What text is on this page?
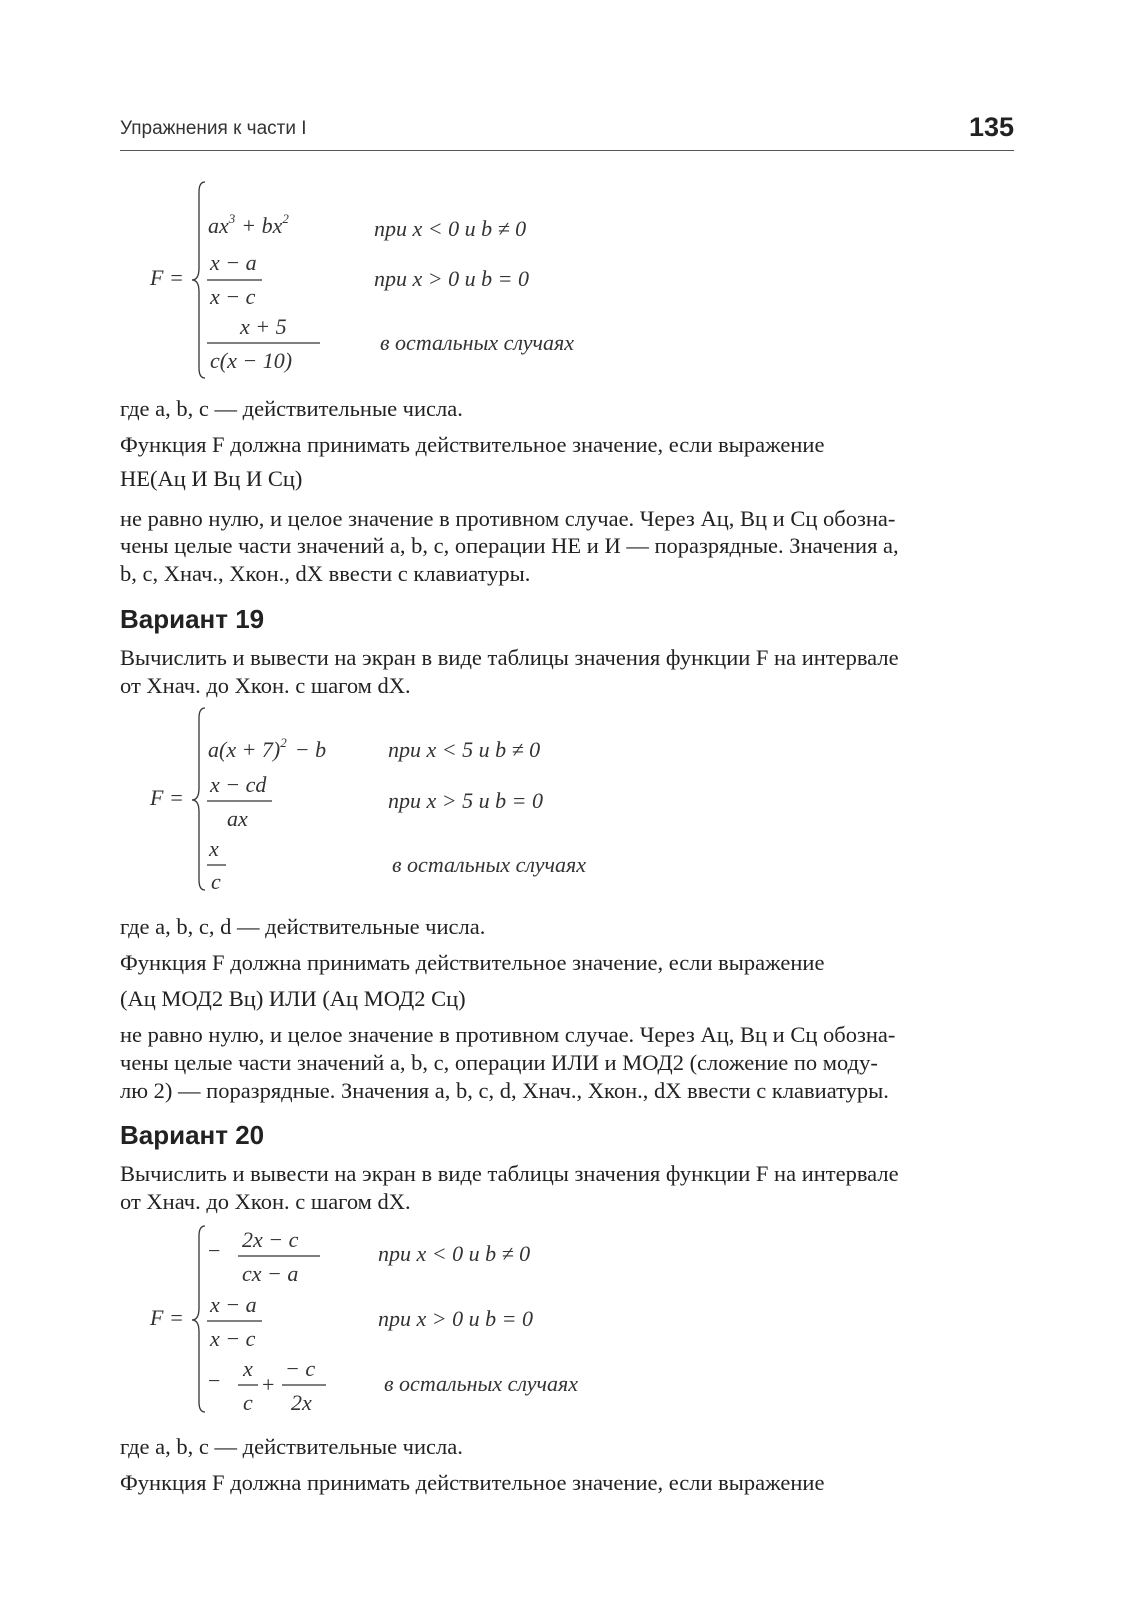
Упражнения к части I	135
F =
$ax^3 + bx^2$	при x < 0 и b ≠ 0
x − a
x − c
при x > 0 и b = 0
x + 5
c(x − 10)
в остальных случаях
F =
$a(x + 7)^2 - b$	при x < 5 и b ≠ 0
x − cd
ax
при x > 5 и b = 0
x
c
в остальных случаях
F =
− 2x − c
cx − a
при x < 0 и b ≠ 0
x − a
x − c
при x > 0 и b = 0
− x
c
+
− c
2x
в остальных случаях

где a, b, c — действительные числа.

Функция F должна принимать действительное значение, если выражение

НЕ(Ац И Вц И Сц)

не равно нулю, и целое значение в противном случае. Через Ац, Вц и Сц обозна-

чены целые части значений a, b, c, операции НЕ и И — поразрядные. Значения a,

b, c, Хнач., Хкон., dX ввести с клавиатуры.

Вариант 19

Вычислить и вывести на экран в виде таблицы значения функции F на интервале

от Хнач. до Хкон. с шагом dX.

где a, b, c, d — действительные числа.

Функция F должна принимать действительное значение, если выражение

(Ац МОД2 Вц) ИЛИ (Ац МОД2 Сц)

не равно нулю, и целое значение в противном случае. Через Ац, Вц и Сц обозна-

чены целые части значений a, b, c, операции ИЛИ и МОД2 (сложение по моду-

лю 2) — поразрядные. Значения a, b, c, d, Хнач., Хкон., dX ввести с клавиатуры.

Вариант 20

Вычислить и вывести на экран в виде таблицы значения функции F на интервале

от Хнач. до Хкон. с шагом dX.

где a, b, c — действительные числа.

Функция F должна принимать действительное значение, если выражение
